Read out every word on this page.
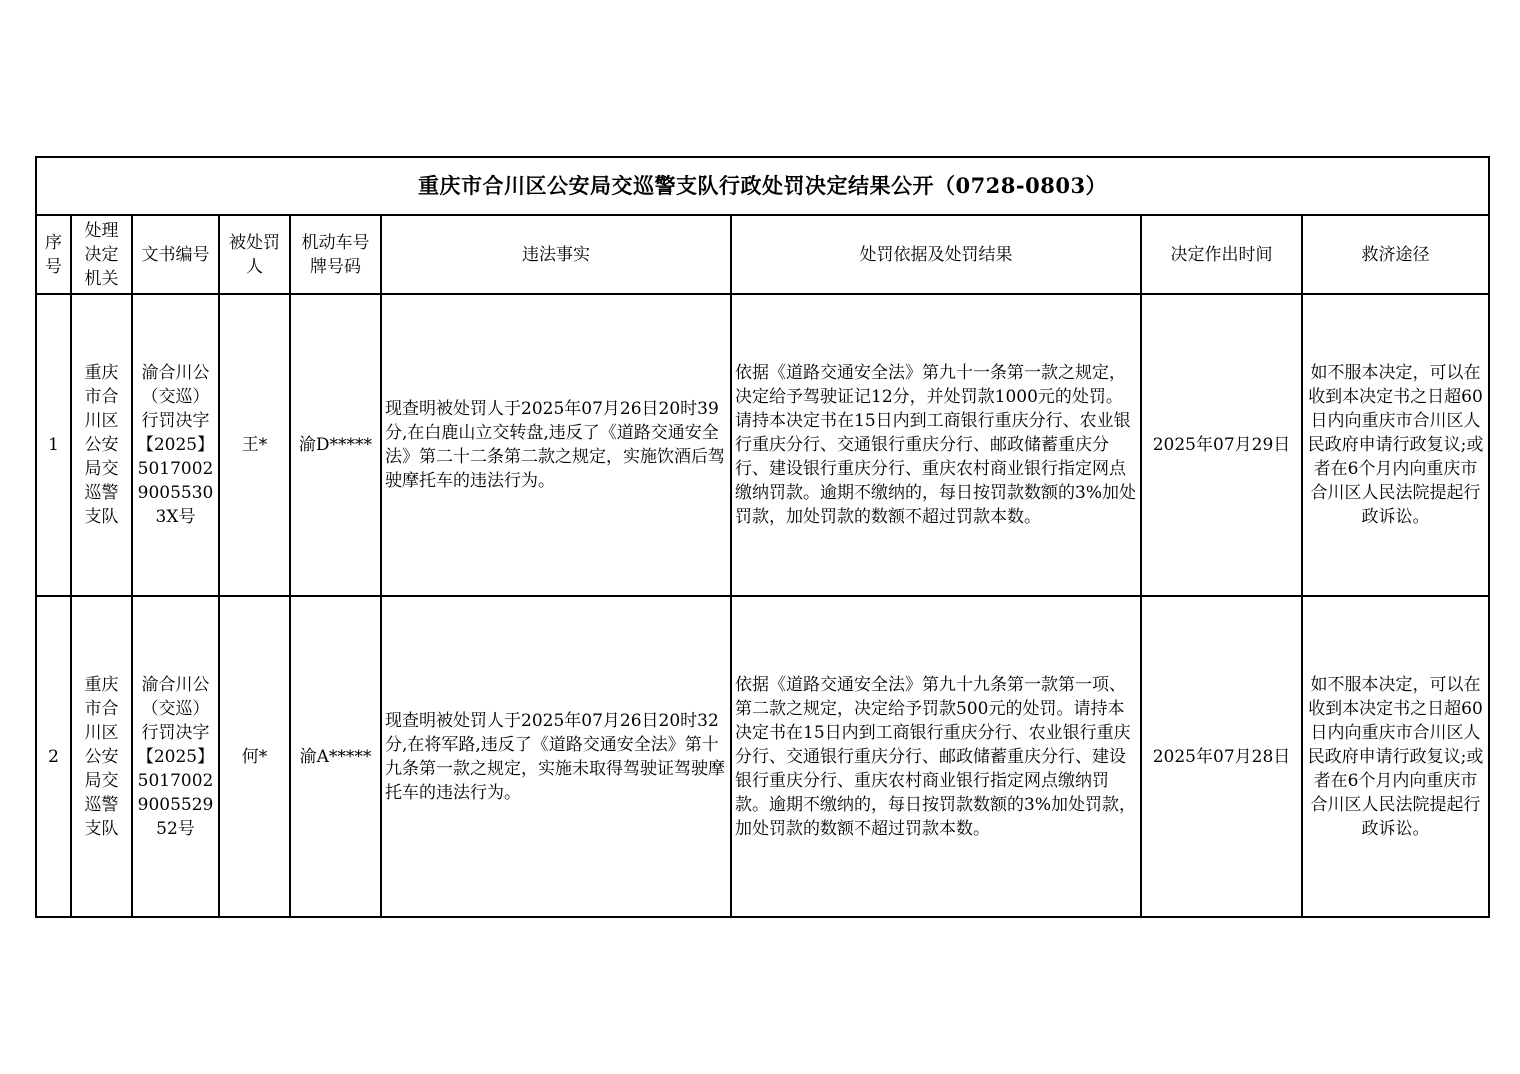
重庆市合川区公安局交巡警支队行政处罚决定结果公开（0728-0803）								
序号	处理决定机关	文书编号	被处罚人	机动车号牌号码	违法事实	处罚依据及处罚结果	决定作出时间	救济途径
1	重庆市合川区公安局交巡警支队	渝合川公（交巡）行罚决字【2025】501700290055303X号	王*	渝D*****	现查明被处罚人于2025年07月26日20时39分,在白鹿山立交转盘,违反了《道路交通安全法》第二十二条第二款之规定，实施饮酒后驾驶摩托车的违法行为。	依据《道路交通安全法》第九十一条第一款之规定，决定给予驾驶证记12分，并处罚款1000元的处罚。请持本决定书在15日内到工商银行重庆分行、农业银行重庆分行、交通银行重庆分行、邮政储蓄重庆分行、建设银行重庆分行、重庆农村商业银行指定网点缴纳罚款。逾期不缴纳的，每日按罚款数额的3%加处罚款，加处罚款的数额不超过罚款本数。	2025年07月29日	如不服本决定，可以在收到本决定书之日超60日内向重庆市合川区人民政府申请行政复议;或者在6个月内向重庆市合川区人民法院提起行政诉讼。
2	重庆市合川区公安局交巡警支队	渝合川公（交巡）行罚决字【2025】5017002900552952号	何*	渝A*****	现查明被处罚人于2025年07月26日20时32分,在将军路,违反了《道路交通安全法》第十九条第一款之规定，实施未取得驾驶证驾驶摩托车的违法行为。	依据《道路交通安全法》第九十九条第一款第一项、第二款之规定，决定给予罚款500元的处罚。请持本决定书在15日内到工商银行重庆分行、农业银行重庆分行、交通银行重庆分行、邮政储蓄重庆分行、建设银行重庆分行、重庆农村商业银行指定网点缴纳罚款。逾期不缴纳的，每日按罚款数额的3%加处罚款，加处罚款的数额不超过罚款本数。	2025年07月28日	如不服本决定，可以在收到本决定书之日超60日内向重庆市合川区人民政府申请行政复议;或者在6个月内向重庆市合川区人民法院提起行政诉讼。
